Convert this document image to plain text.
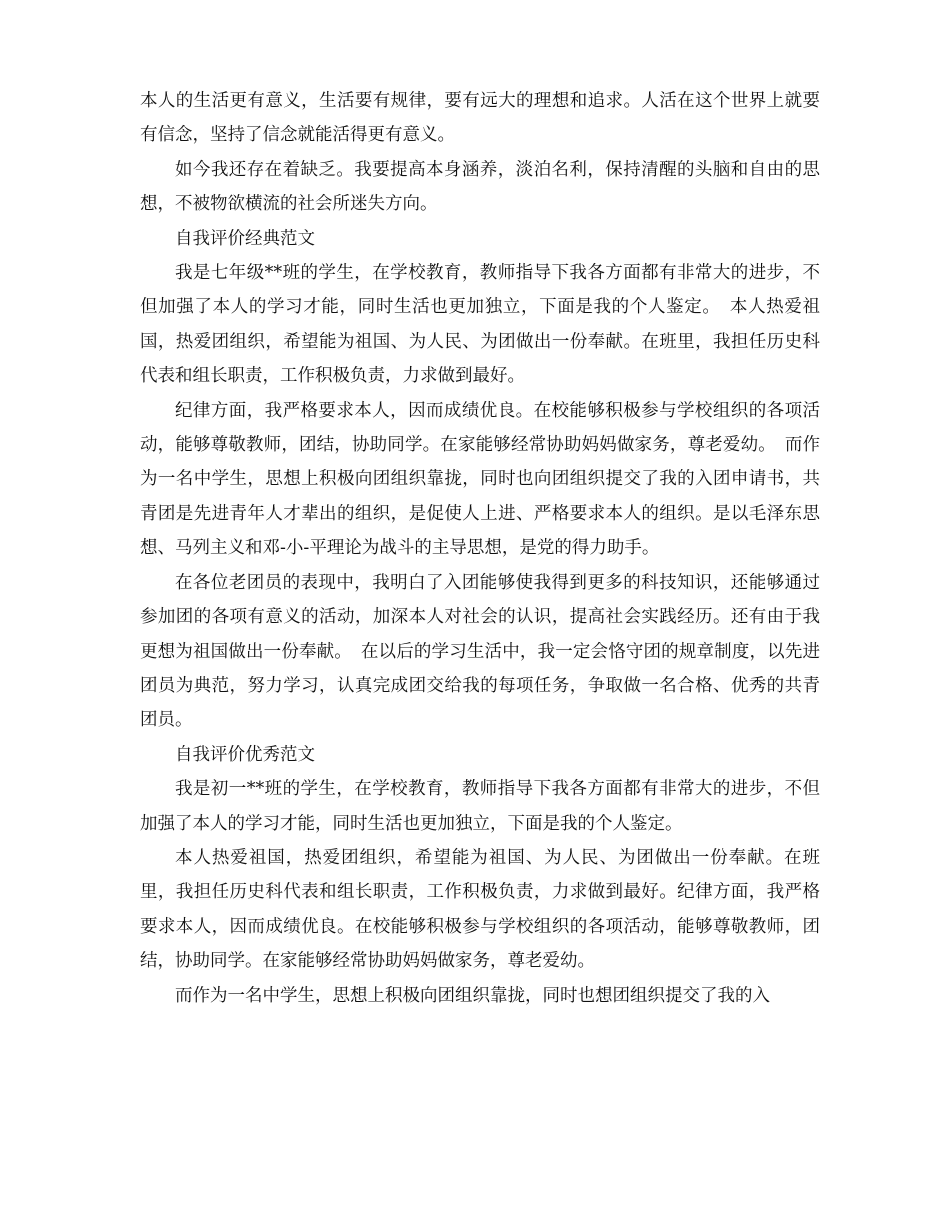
本人的生活更有意义，生活要有规律，要有远大的理想和追求。人活在这个世界上就要有信念，坚持了信念就能活得更有意义。

如今我还存在着缺乏。我要提高本身涵养，淡泊名利，保持清醒的头脑和自由的思想，不被物欲横流的社会所迷失方向。

自我评价经典范文

我是七年级**班的学生，在学校教育，教师指导下我各方面都有非常大的进步，不但加强了本人的学习才能，同时生活也更加独立，下面是我的个人鉴定。　本人热爱祖国，热爱团组织，希望能为祖国、为人民、为团做出一份奉献。在班里，我担任历史科代表和组长职责，工作积极负责，力求做到最好。

纪律方面，我严格要求本人，因而成绩优良。在校能够积极参与学校组织的各项活动，能够尊敬教师，团结，协助同学。在家能够经常协助妈妈做家务，尊老爱幼。　而作为一名中学生，思想上积极向团组织靠拢，同时也向团组织提交了我的入团申请书，共青团是先进青年人才辈出的组织，是促使人上进、严格要求本人的组织。是以毛泽东思想、马列主义和邓-小-平理论为战斗的主导思想，是党的得力助手。

在各位老团员的表现中，我明白了入团能够使我得到更多的科技知识，还能够通过参加团的各项有意义的活动，加深本人对社会的认识，提高社会实践经历。还有由于我更想为祖国做出一份奉献。　在以后的学习生活中，我一定会恪守团的规章制度，以先进团员为典范，努力学习，认真完成团交给我的每项任务，争取做一名合格、优秀的共青团员。

自我评价优秀范文

我是初一**班的学生，在学校教育，教师指导下我各方面都有非常大的进步，不但加强了本人的学习才能，同时生活也更加独立，下面是我的个人鉴定。

本人热爱祖国，热爱团组织，希望能为祖国、为人民、为团做出一份奉献。在班里，我担任历史科代表和组长职责，工作积极负责，力求做到最好。纪律方面，我严格要求本人，因而成绩优良。在校能够积极参与学校组织的各项活动，能够尊敬教师，团结，协助同学。在家能够经常协助妈妈做家务，尊老爱幼。

而作为一名中学生，思想上积极向团组织靠拢，同时也想团组织提交了我的入
